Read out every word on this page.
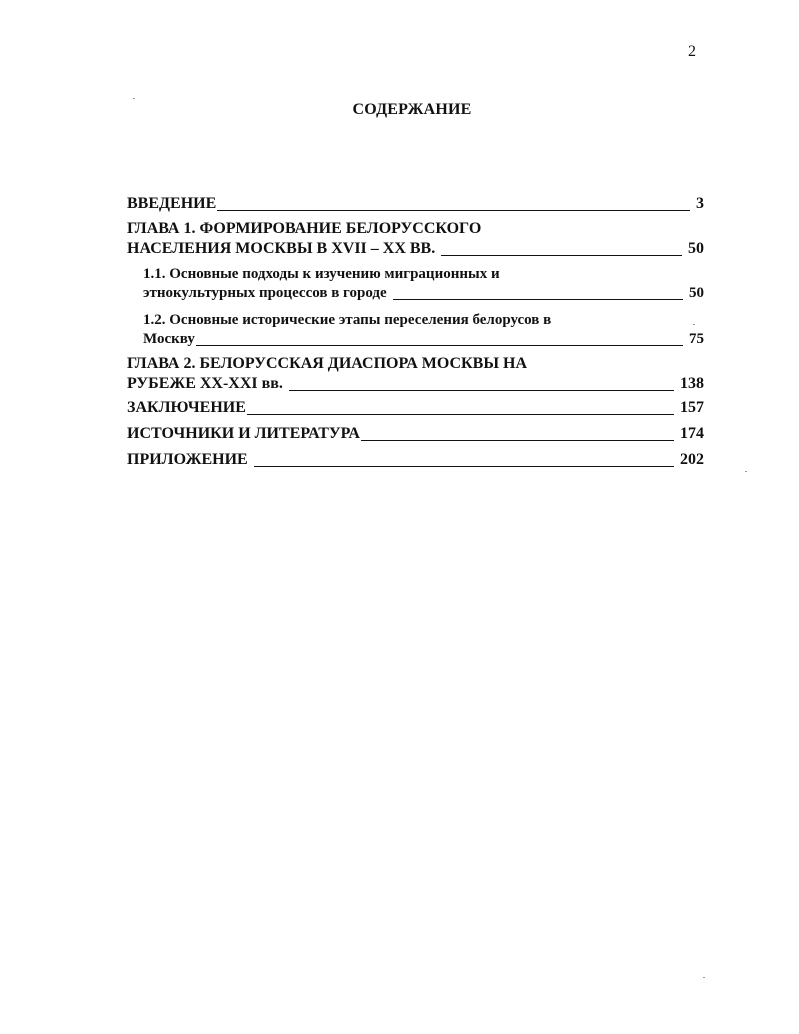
2
СОДЕРЖАНИЕ
ВВЕДЕНИЕ	3
ГЛАВА 1. ФОРМИРОВАНИЕ БЕЛОРУССКОГО
НАСЕЛЕНИЯ МОСКВЫ В XVII – XX ВВ.	50
1.1. Основные подходы к изучению миграционных и
этнокультурных процессов в городе	50
1.2. Основные исторические этапы переселения белорусов в
Москву	75
ГЛАВА 2. БЕЛОРУССКАЯ ДИАСПОРА МОСКВЫ НА
РУБЕЖЕ XX-XXI вв.	138
ЗАКЛЮЧЕНИЕ	157
ИСТОЧНИКИ И ЛИТЕРАТУРА	174
ПРИЛОЖЕНИЕ	202
